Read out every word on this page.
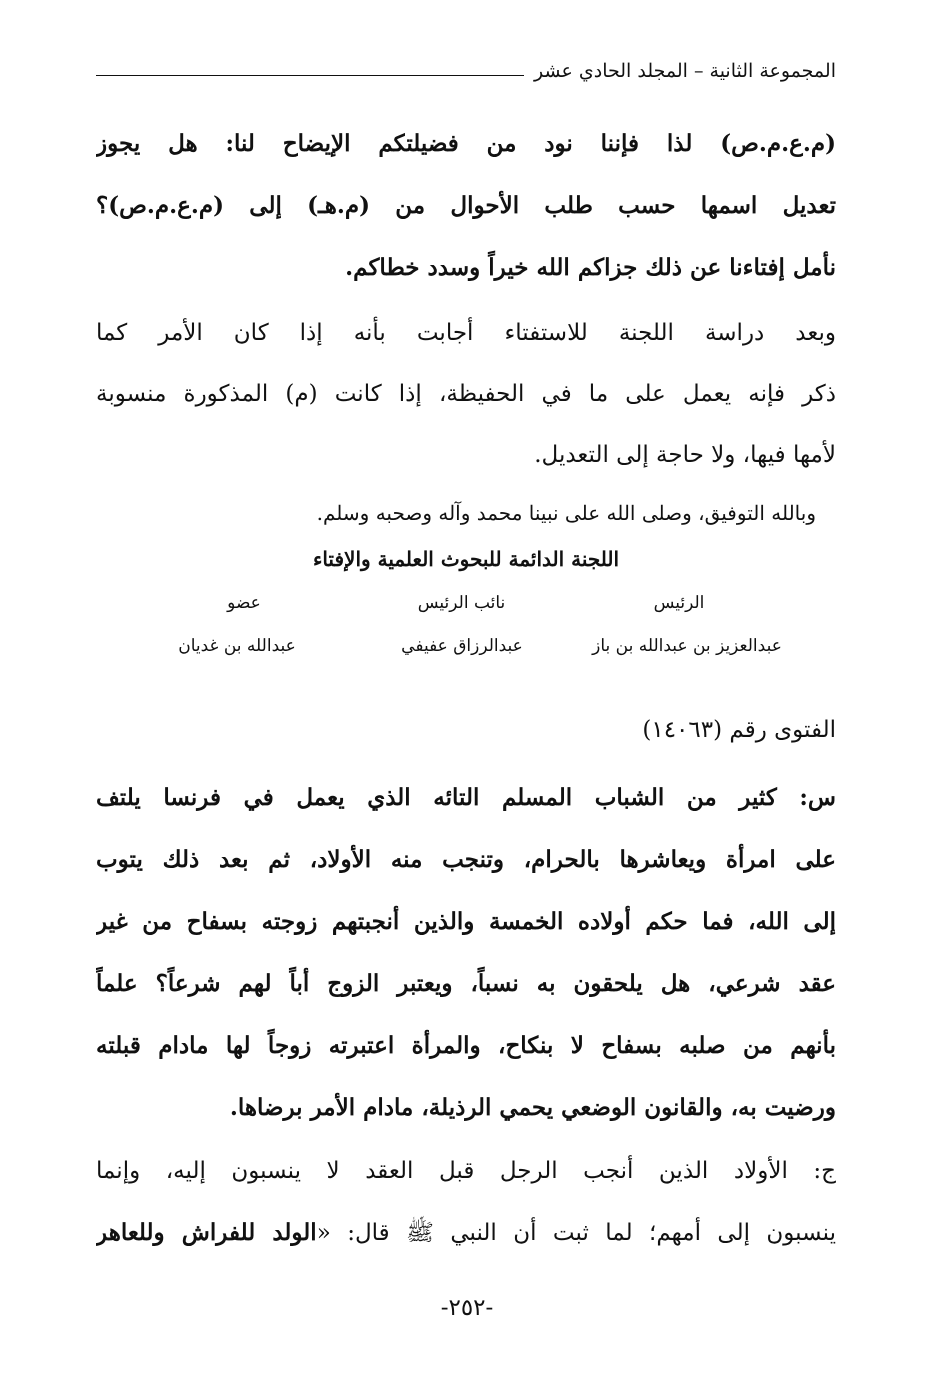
المجموعة الثانية – المجلد الحادي عشر
(م.ع.م.ص) لذا فإننا نود من فضيلتكم الإيضاح لنا: هل يجوز
تعديل اسمها حسب طلب الأحوال من (م.هـ) إلى (م.ع.م.ص)؟
نأمل إفتاءنا عن ذلك جزاكم الله خيراً وسدد خطاكم.
وبعد دراسة اللجنة للاستفتاء أجابت بأنه إذا كان الأمر كما
ذكر فإنه يعمل على ما في الحفيظة، إذا كانت (م) المذكورة منسوبة
لأمها فيها، ولا حاجة إلى التعديل.
وبالله التوفيق، وصلى الله على نبينا محمد وآله وصحبه وسلم.
اللجنة الدائمة للبحوث العلمية والإفتاء
الرئيس
نائب الرئيس
عضو
عبدالعزيز بن عبدالله بن باز
عبدالرزاق عفيفي
عبدالله بن غديان
الفتوى رقم (١٤٠٦٣)
س: كثير من الشباب المسلم التائه الذي يعمل في فرنسا يلتف
على امرأة ويعاشرها بالحرام، وتنجب منه الأولاد، ثم بعد ذلك يتوب
إلى الله، فما حكم أولاده الخمسة والذين أنجبتهم زوجته بسفاح من غير
عقد شرعي، هل يلحقون به نسباً، ويعتبر الزوج أباً لهم شرعاً؟ علماً
بأنهم من صلبه بسفاح لا بنكاح، والمرأة اعتبرته زوجاً لها مادام قبلته
ورضيت به، والقانون الوضعي يحمي الرذيلة، مادام الأمر برضاها.
ج: الأولاد الذين أنجب الرجل قبل العقد لا ينسبون إليه، وإنما
ينسبون إلى أمهم؛ لما ثبت أن النبي ﷺ قال: «الولد للفراش وللعاهر
-٢٥٢-
